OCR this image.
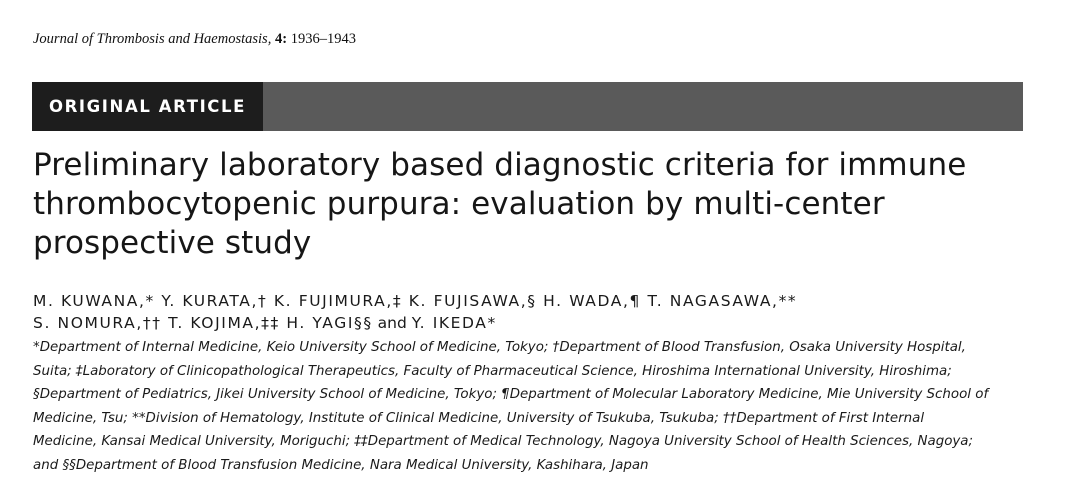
Journal of Thrombosis and Haemostasis, 4: 1936–1943
ORIGINAL ARTICLE
Preliminary laboratory based diagnostic criteria for immune
thrombocytopenic purpura: evaluation by multi-center
prospective study
M. KUWANA,* Y. KURATA,† K. FUJIMURA,‡ K. FUJISAWA,§ H. WADA,¶ T. NAGASAWA,**
S. NOMURA,†† T. KOJIMA,‡‡ H. YAGI§§ and Y. IKEDA*
*Department of Internal Medicine, Keio University School of Medicine, Tokyo; †Department of Blood Transfusion, Osaka University Hospital,
Suita; ‡Laboratory of Clinicopathological Therapeutics, Faculty of Pharmaceutical Science, Hiroshima International University, Hiroshima;
§Department of Pediatrics, Jikei University School of Medicine, Tokyo; ¶Department of Molecular Laboratory Medicine, Mie University School of
Medicine, Tsu; **Division of Hematology, Institute of Clinical Medicine, University of Tsukuba, Tsukuba; ††Department of First Internal
Medicine, Kansai Medical University, Moriguchi; ‡‡Department of Medical Technology, Nagoya University School of Health Sciences, Nagoya;
and §§Department of Blood Transfusion Medicine, Nara Medical University, Kashihara, Japan
